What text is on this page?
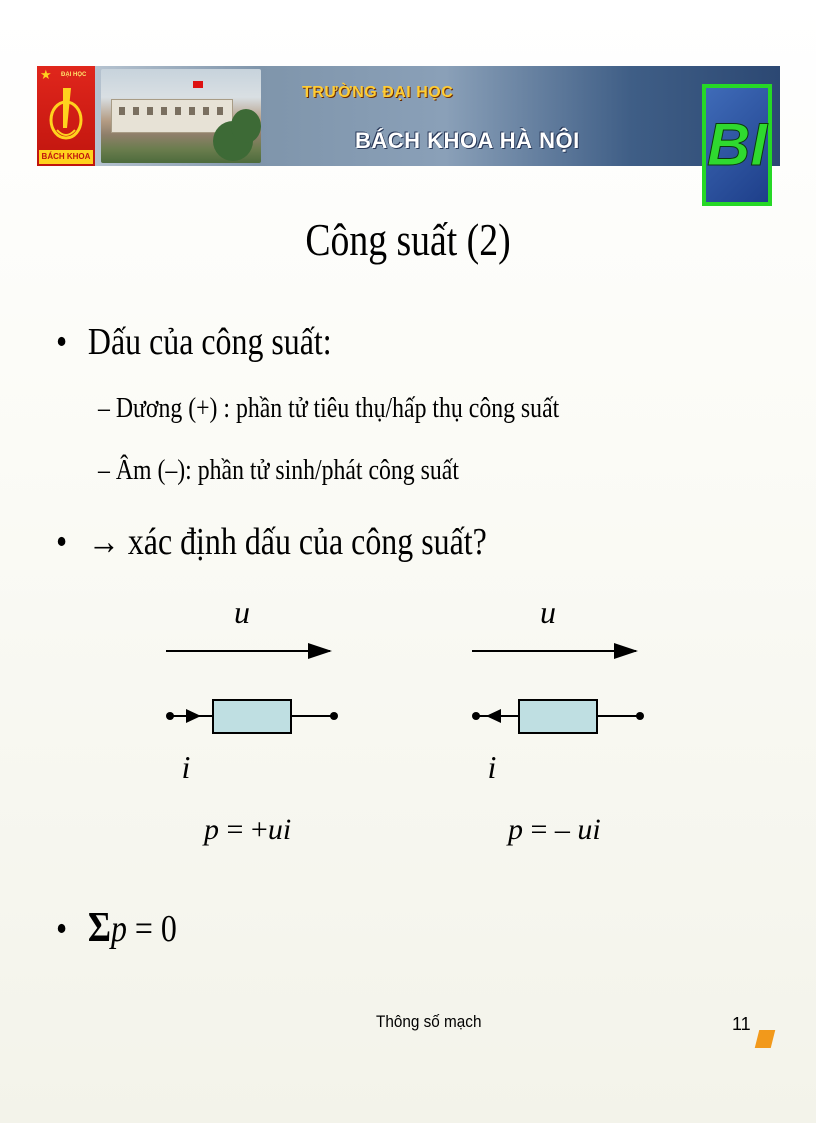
★ ĐẠI HỌC
BÁCH KHOA
TRƯỜNG ĐẠI HỌC
BÁCH KHOA HÀ NỘI BI
Công suất (2)
• Dấu của công suất:
– Dương (+) : phần tử tiêu thụ/hấp thụ công suất
– Âm (–): phần tử sinh/phát công suất
• → xác định dấu của công suất?
u
i
p = +ui
u
i
p = – ui
• Σp = 0
Thông số mạch	11
